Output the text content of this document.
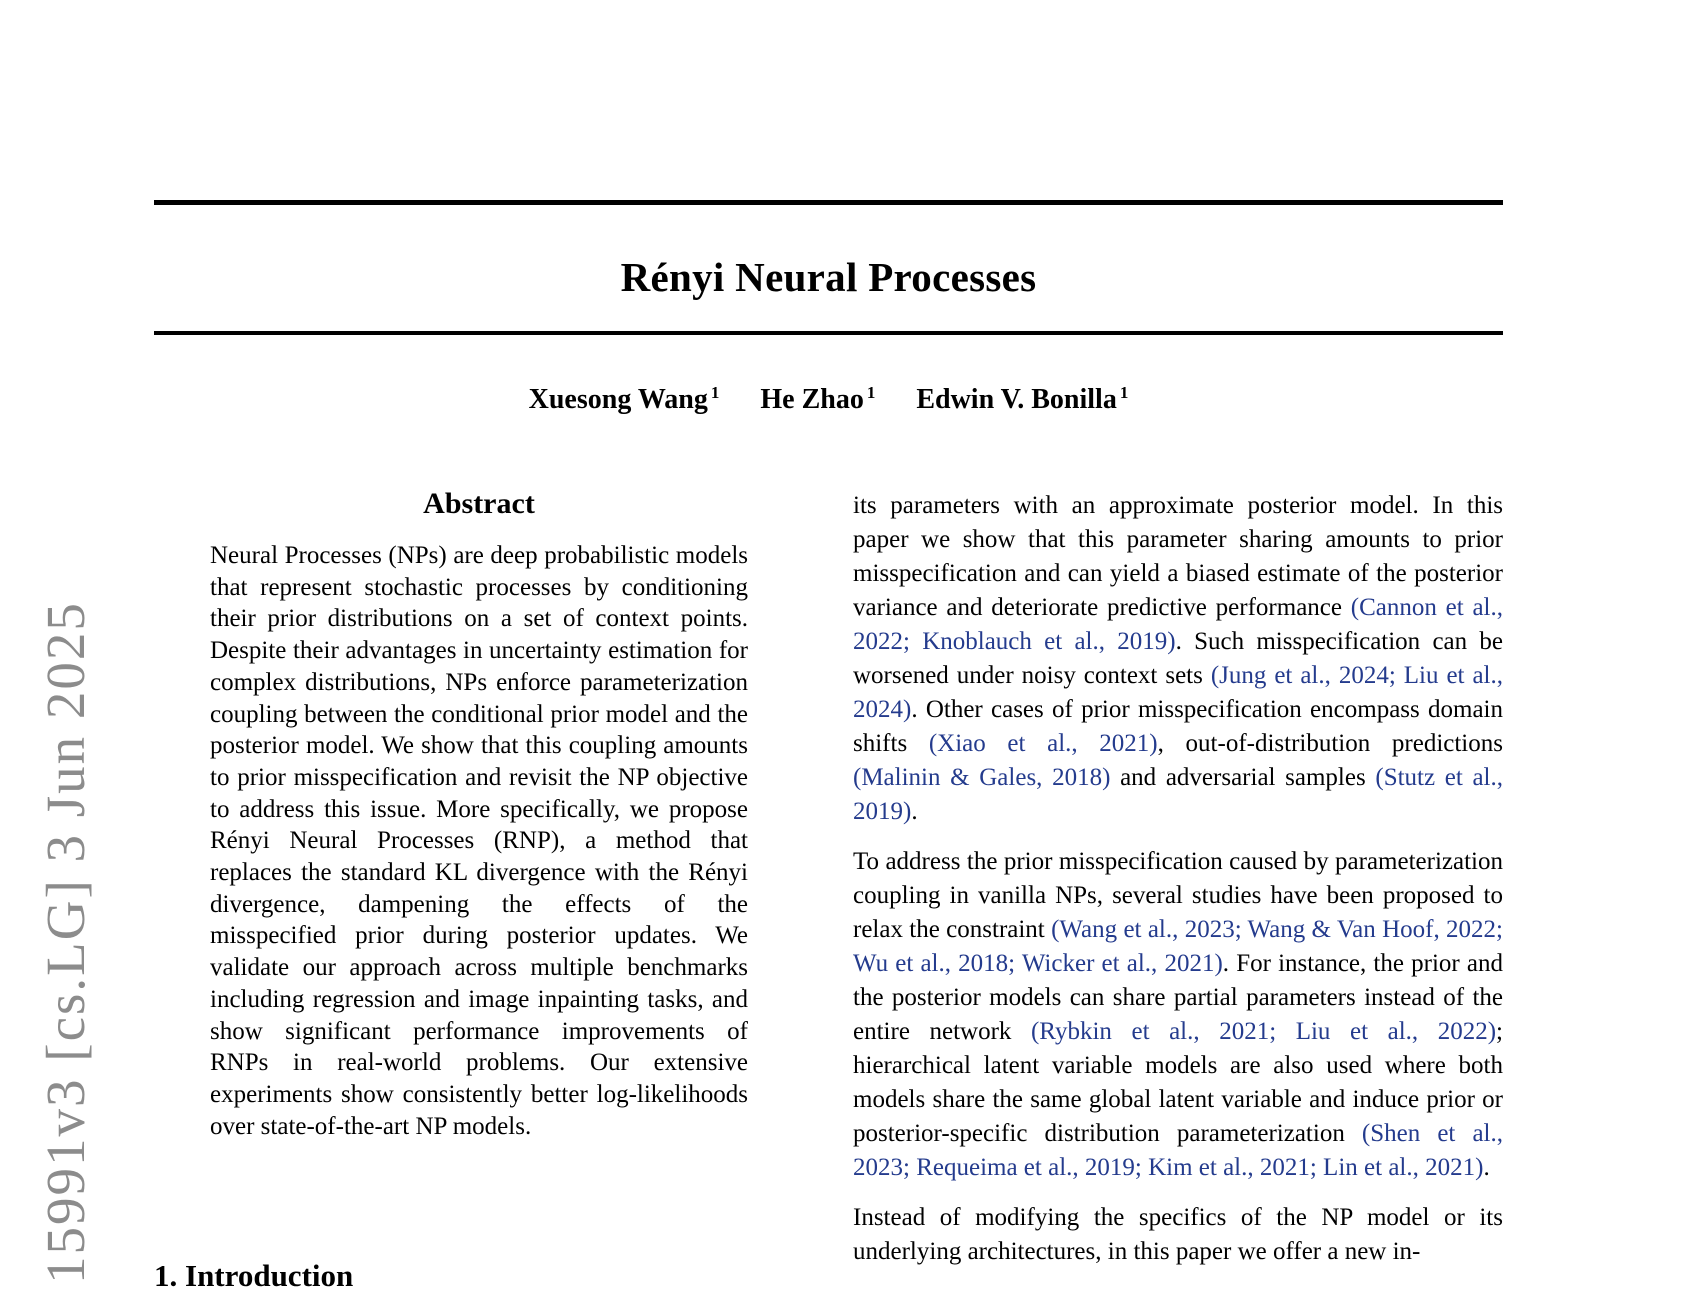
15991v3 [cs.LG] 3 Jun 2025
Rényi Neural Processes
Xuesong Wang $^1$ He Zhao $^1$ Edwin V. Bonilla $^1$
Abstract
Neural Processes (NPs) are deep probabilistic models that represent stochastic processes by conditioning their prior distributions on a set of context points. Despite their advantages in uncertainty estimation for complex distributions, NPs enforce parameterization coupling between the conditional prior model and the posterior model. We show that this coupling amounts to prior misspecification and revisit the NP objective to address this issue. More specifically, we propose Rényi Neural Processes (RNP), a method that replaces the standard KL divergence with the Rényi divergence, dampening the effects of the misspecified prior during posterior updates. We validate our approach across multiple benchmarks including regression and image inpainting tasks, and show significant performance improvements of RNPs in real-world problems. Our extensive experiments show consistently better log-likelihoods over state-of-the-art NP models.
1. Introduction

its parameters with an approximate posterior model. In this paper we show that this parameter sharing amounts to prior misspecification and can yield a biased estimate of the posterior variance and deteriorate predictive performance (Cannon et al., 2022; Knoblauch et al., 2019). Such misspecification can be worsened under noisy context sets (Jung et al., 2024; Liu et al., 2024). Other cases of prior misspecification encompass domain shifts (Xiao et al., 2021), out-of-distribution predictions (Malinin & Gales, 2018) and adversarial samples (Stutz et al., 2019).

To address the prior misspecification caused by parameterization coupling in vanilla NPs, several studies have been proposed to relax the constraint (Wang et al., 2023; Wang & Van Hoof, 2022; Wu et al., 2018; Wicker et al., 2021). For instance, the prior and the posterior models can share partial parameters instead of the entire network (Rybkin et al., 2021; Liu et al., 2022); hierarchical latent variable models are also used where both models share the same global latent variable and induce prior or posterior-specific distribution parameterization (Shen et al., 2023; Requeima et al., 2019; Kim et al., 2021; Lin et al., 2021).

Instead of modifying the specifics of the NP model or its underlying architectures, in this paper we offer a new in-
